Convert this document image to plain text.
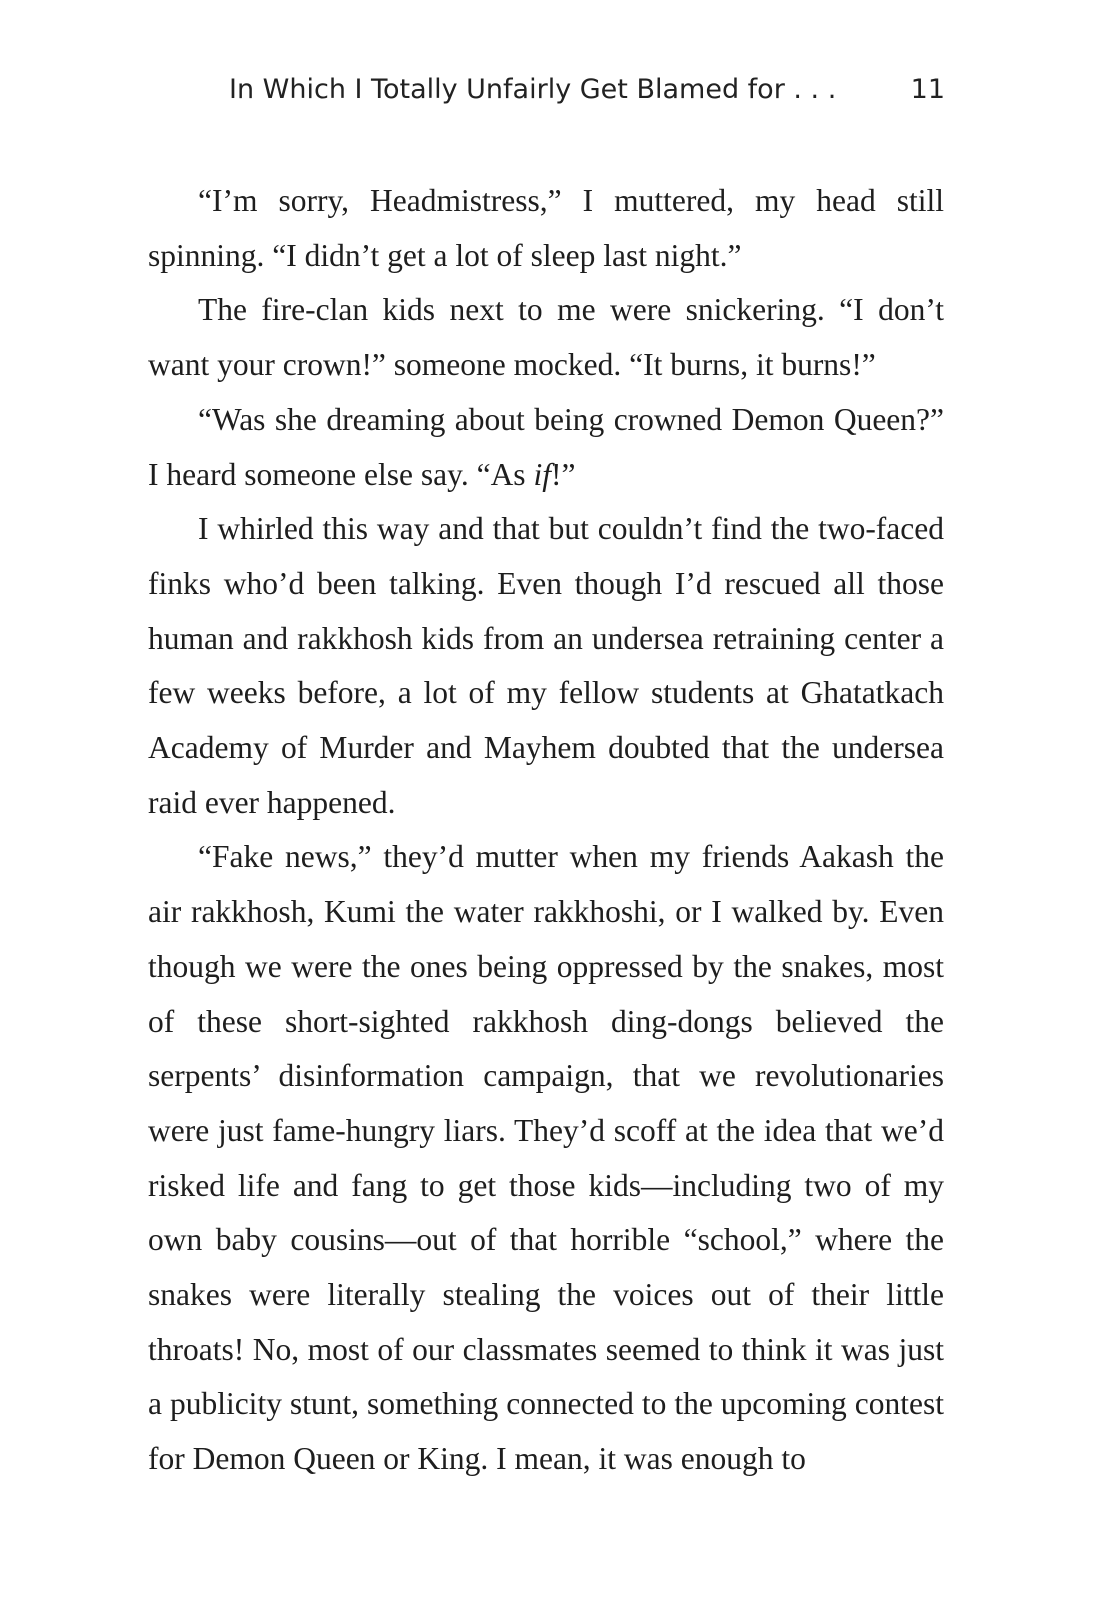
In Which I Totally Unfairly Get Blamed for . . .	11

“I’m sorry, Headmistress,” I muttered, my head still spinning. “I didn’t get a lot of sleep last night.”

The fire-clan kids next to me were snickering. “I don’t want your crown!” someone mocked. “It burns, it burns!”

“Was she dreaming about being crowned Demon Queen?” I heard someone else say. “As if!”

I whirled this way and that but couldn’t find the two-faced finks who’d been talking. Even though I’d rescued all those human and rakkhosh kids from an undersea retraining center a few weeks before, a lot of my fellow students at Ghatatkach Academy of Murder and Mayhem doubted that the undersea raid ever happened.

“Fake news,” they’d mutter when my friends Aakash the air rakkhosh, Kumi the water rakkhoshi, or I walked by. Even though we were the ones being oppressed by the snakes, most of these short-sighted rakkhosh ding-dongs believed the serpents’ disinformation campaign, that we revolutionaries were just fame-hungry liars. They’d scoff at the idea that we’d risked life and fang to get those kids—including two of my own baby cousins—out of that horrible “school,” where the snakes were literally stealing the voices out of their little throats! No, most of our classmates seemed to think it was just a publicity stunt, something connected to the upcoming contest for Demon Queen or King. I mean, it was enough to
